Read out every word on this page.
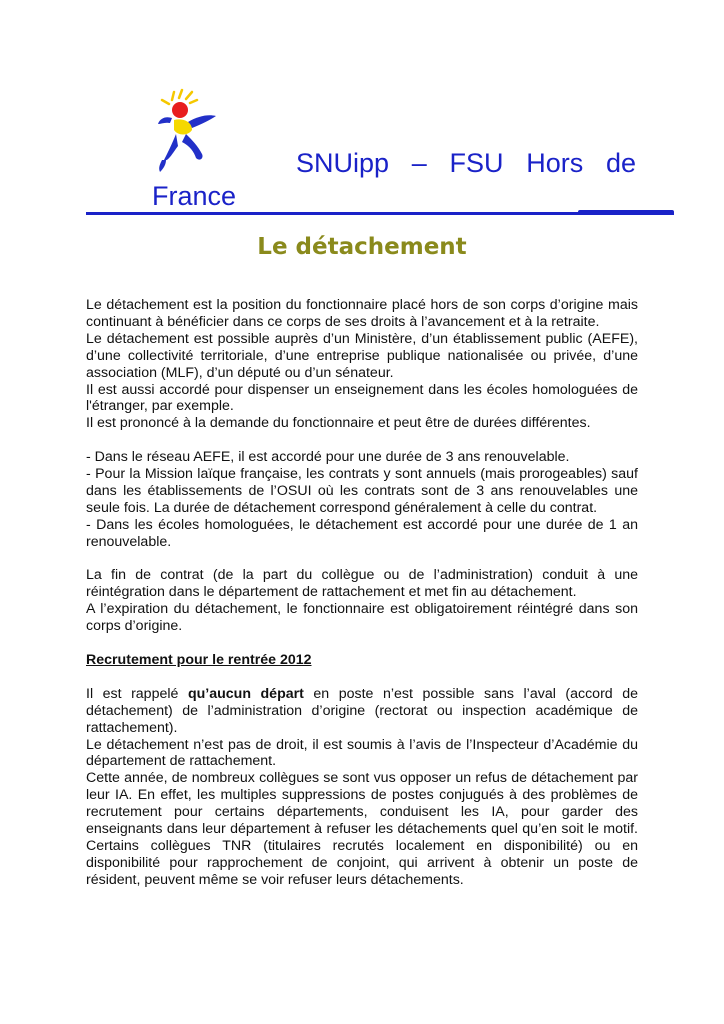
SNUipp – FSU Hors de
France
Le détachement

Le détachement est la position du fonctionnaire placé hors de son corps d’origine mais continuant à bénéficier dans ce corps de ses droits à l’avancement et à la retraite.

Le détachement est possible auprès d’un Ministère, d’un établissement public (AEFE), d’une collectivité territoriale, d’une entreprise publique nationalisée ou privée, d’une association (MLF), d’un député ou d’un sénateur.

Il est aussi accordé pour dispenser un enseignement dans les écoles homologuées de l'étranger, par exemple.

Il est prononcé à la demande du fonctionnaire et peut être de durées différentes.

- Dans le réseau AEFE, il est accordé pour une durée de 3 ans renouvelable.

- Pour la Mission laïque française, les contrats y sont annuels (mais prorogeables) sauf dans les établissements de l’OSUI où les contrats sont de 3 ans renouvelables une seule fois. La durée de détachement correspond généralement à celle du contrat.

- Dans les écoles homologuées, le détachement est accordé pour une durée de 1 an renouvelable.

La fin de contrat (de la part du collègue ou de l’administration) conduit à une réintégration dans le département de rattachement et met fin au détachement.

A l’expiration du détachement, le fonctionnaire est obligatoirement réintégré dans son corps d’origine.

Recrutement pour le rentrée 2012

Il est rappelé qu’aucun départ en poste n’est possible sans l’aval (accord de détachement) de l’administration d’origine (rectorat ou inspection académique de rattachement).

Le détachement n’est pas de droit, il est soumis à l’avis de l’Inspecteur d’Académie du département de rattachement.

Cette année, de nombreux collègues se sont vus opposer un refus de détachement par leur IA. En effet, les multiples suppressions de postes conjugués à des problèmes de recrutement pour certains départements, conduisent les IA, pour garder des enseignants dans leur département à refuser les détachements quel qu’en soit le motif. Certains collègues TNR (titulaires recrutés localement en disponibilité) ou en disponibilité pour rapprochement de conjoint, qui arrivent à obtenir un poste de résident, peuvent même se voir refuser leurs détachements.
